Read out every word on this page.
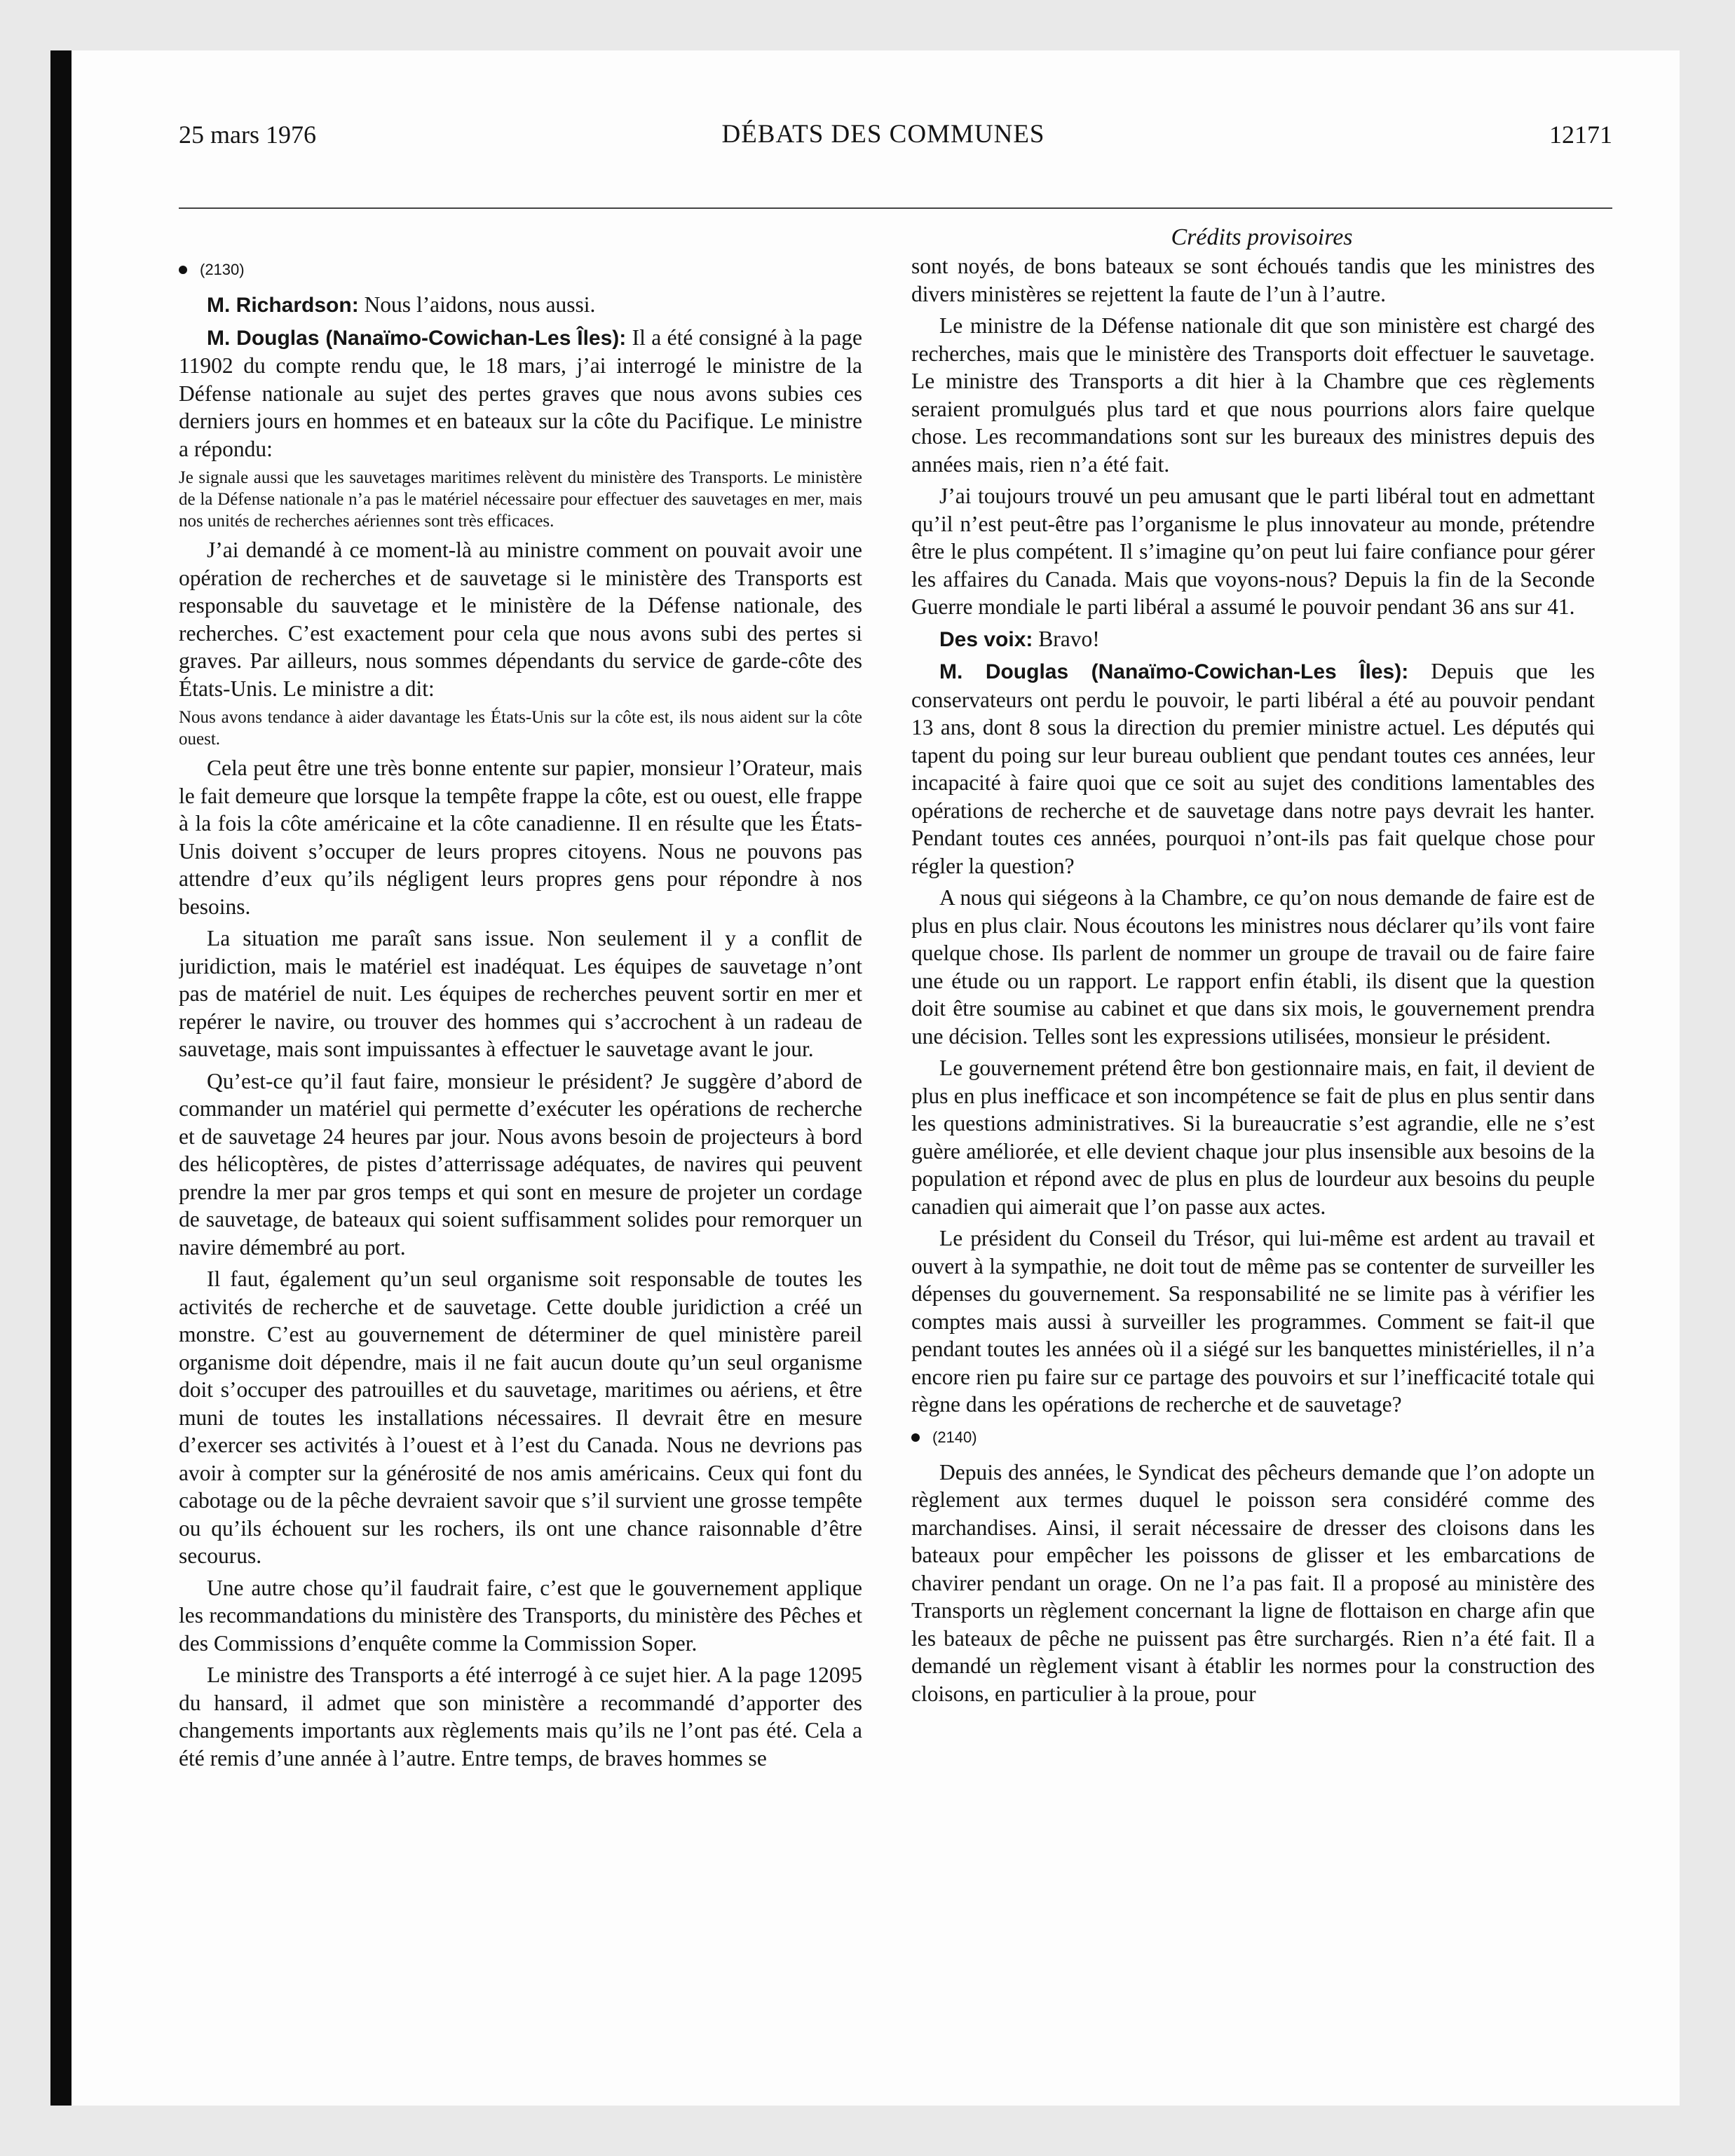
25 mars 1976	DÉBATS DES COMMUNES	12171
Crédits provisoires
(2130)

M. Richardson: Nous l’aidons, nous aussi.

M. Douglas (Nanaïmo-Cowichan-Les Îles): Il a été consigné à la page 11902 du compte rendu que, le 18 mars, j’ai interrogé le ministre de la Défense nationale au sujet des pertes graves que nous avons subies ces derniers jours en hommes et en bateaux sur la côte du Pacifique. Le ministre a répondu:

Je signale aussi que les sauvetages maritimes relèvent du ministère des Transports. Le ministère de la Défense nationale n’a pas le matériel nécessaire pour effectuer des sauvetages en mer, mais nos unités de recherches aériennes sont très efficaces.

J’ai demandé à ce moment-là au ministre comment on pouvait avoir une opération de recherches et de sauvetage si le ministère des Transports est responsable du sauvetage et le ministère de la Défense nationale, des recherches. C’est exactement pour cela que nous avons subi des pertes si graves. Par ailleurs, nous sommes dépendants du service de garde-côte des États-Unis. Le ministre a dit:

Nous avons tendance à aider davantage les États-Unis sur la côte est, ils nous aident sur la côte ouest.

Cela peut être une très bonne entente sur papier, monsieur l’Orateur, mais le fait demeure que lorsque la tempête frappe la côte, est ou ouest, elle frappe à la fois la côte américaine et la côte canadienne. Il en résulte que les États-Unis doivent s’occuper de leurs propres citoyens. Nous ne pouvons pas attendre d’eux qu’ils négligent leurs propres gens pour répondre à nos besoins.

La situation me paraît sans issue. Non seulement il y a conflit de juridiction, mais le matériel est inadéquat. Les équipes de sauvetage n’ont pas de matériel de nuit. Les équipes de recherches peuvent sortir en mer et repérer le navire, ou trouver des hommes qui s’accrochent à un radeau de sauvetage, mais sont impuissantes à effectuer le sauvetage avant le jour.

Qu’est-ce qu’il faut faire, monsieur le président? Je suggère d’abord de commander un matériel qui permette d’exécuter les opérations de recherche et de sauvetage 24 heures par jour. Nous avons besoin de projecteurs à bord des hélicoptères, de pistes d’atterrissage adéquates, de navires qui peuvent prendre la mer par gros temps et qui sont en mesure de projeter un cordage de sauvetage, de bateaux qui soient suffisamment solides pour remorquer un navire démembré au port.

Il faut, également qu’un seul organisme soit responsable de toutes les activités de recherche et de sauvetage. Cette double juridiction a créé un monstre. C’est au gouvernement de déterminer de quel ministère pareil organisme doit dépendre, mais il ne fait aucun doute qu’un seul organisme doit s’occuper des patrouilles et du sauvetage, maritimes ou aériens, et être muni de toutes les installations nécessaires. Il devrait être en mesure d’exercer ses activités à l’ouest et à l’est du Canada. Nous ne devrions pas avoir à compter sur la générosité de nos amis américains. Ceux qui font du cabotage ou de la pêche devraient savoir que s’il survient une grosse tempête ou qu’ils échouent sur les rochers, ils ont une chance raisonnable d’être secourus.

Une autre chose qu’il faudrait faire, c’est que le gouvernement applique les recommandations du ministère des Transports, du ministère des Pêches et des Commissions d’enquête comme la Commission Soper.

Le ministre des Transports a été interrogé à ce sujet hier. A la page 12095 du hansard, il admet que son ministère a recommandé d’apporter des changements importants aux règlements mais qu’ils ne l’ont pas été. Cela a été remis d’une année à l’autre. Entre temps, de braves hommes se

sont noyés, de bons bateaux se sont échoués tandis que les ministres des divers ministères se rejettent la faute de l’un à l’autre.

Le ministre de la Défense nationale dit que son ministère est chargé des recherches, mais que le ministère des Transports doit effectuer le sauvetage. Le ministre des Transports a dit hier à la Chambre que ces règlements seraient promulgués plus tard et que nous pourrions alors faire quelque chose. Les recommandations sont sur les bureaux des ministres depuis des années mais, rien n’a été fait.

J’ai toujours trouvé un peu amusant que le parti libéral tout en admettant qu’il n’est peut-être pas l’organisme le plus innovateur au monde, prétendre être le plus compétent. Il s’imagine qu’on peut lui faire confiance pour gérer les affaires du Canada. Mais que voyons-nous? Depuis la fin de la Seconde Guerre mondiale le parti libéral a assumé le pouvoir pendant 36 ans sur 41.

Des voix: Bravo!

M. Douglas (Nanaïmo-Cowichan-Les Îles): Depuis que les conservateurs ont perdu le pouvoir, le parti libéral a été au pouvoir pendant 13 ans, dont 8 sous la direction du premier ministre actuel. Les députés qui tapent du poing sur leur bureau oublient que pendant toutes ces années, leur incapacité à faire quoi que ce soit au sujet des conditions lamentables des opérations de recherche et de sauvetage dans notre pays devrait les hanter. Pendant toutes ces années, pourquoi n’ont-ils pas fait quelque chose pour régler la question?

A nous qui siégeons à la Chambre, ce qu’on nous demande de faire est de plus en plus clair. Nous écoutons les ministres nous déclarer qu’ils vont faire quelque chose. Ils parlent de nommer un groupe de travail ou de faire faire une étude ou un rapport. Le rapport enfin établi, ils disent que la question doit être soumise au cabinet et que dans six mois, le gouvernement prendra une décision. Telles sont les expressions utilisées, monsieur le président.

Le gouvernement prétend être bon gestionnaire mais, en fait, il devient de plus en plus inefficace et son incompétence se fait de plus en plus sentir dans les questions administratives. Si la bureaucratie s’est agrandie, elle ne s’est guère améliorée, et elle devient chaque jour plus insensible aux besoins de la population et répond avec de plus en plus de lourdeur aux besoins du peuple canadien qui aimerait que l’on passe aux actes.

Le président du Conseil du Trésor, qui lui-même est ardent au travail et ouvert à la sympathie, ne doit tout de même pas se contenter de surveiller les dépenses du gouvernement. Sa responsabilité ne se limite pas à vérifier les comptes mais aussi à surveiller les programmes. Comment se fait-il que pendant toutes les années où il a siégé sur les banquettes ministérielles, il n’a encore rien pu faire sur ce partage des pouvoirs et sur l’inefficacité totale qui règne dans les opérations de recherche et de sauvetage?

(2140)

Depuis des années, le Syndicat des pêcheurs demande que l’on adopte un règlement aux termes duquel le poisson sera considéré comme des marchandises. Ainsi, il serait nécessaire de dresser des cloisons dans les bateaux pour empêcher les poissons de glisser et les embarcations de chavirer pendant un orage. On ne l’a pas fait. Il a proposé au ministère des Transports un règlement concernant la ligne de flottaison en charge afin que les bateaux de pêche ne puissent pas être surchargés. Rien n’a été fait. Il a demandé un règlement visant à établir les normes pour la construction des cloisons, en particulier à la proue, pour
